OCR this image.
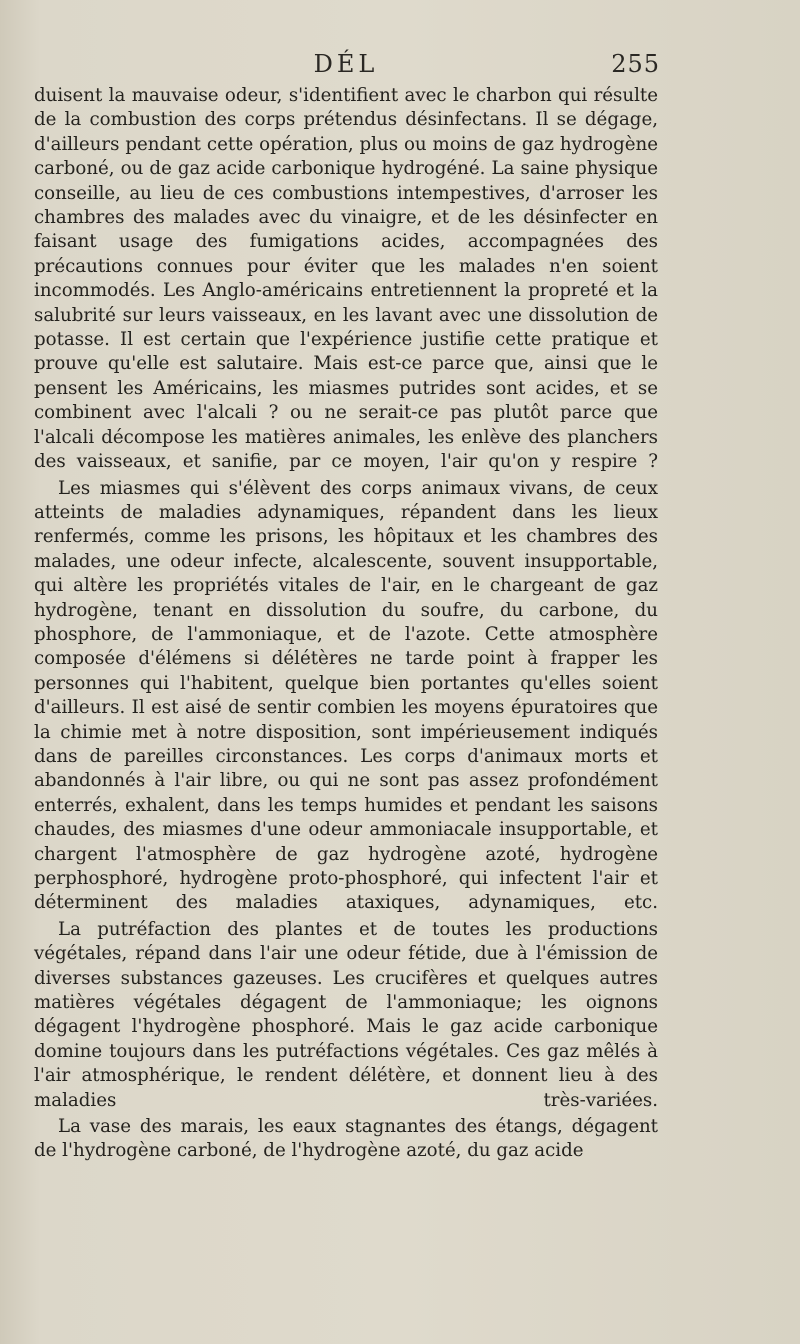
DÉL	255

duisent la mauvaise odeur, s'identifient avec le charbon qui résulte de la combustion des corps prétendus désinfectans. Il se dégage, d'ailleurs pendant cette opération, plus ou moins de gaz hydrogène carboné, ou de gaz acide carbonique hydrogéné. La saine physique conseille, au lieu de ces combustions intempestives, d'arroser les chambres des malades avec du vinaigre, et de les désinfecter en faisant usage des fumigations acides, accompagnées des précautions connues pour éviter que les malades n'en soient incommodés. Les Anglo-américains entretiennent la propreté et la salubrité sur leurs vaisseaux, en les lavant avec une dissolution de potasse. Il est certain que l'expérience justifie cette pratique et prouve qu'elle est salutaire. Mais est-ce parce que, ainsi que le pensent les Américains, les miasmes putrides sont acides, et se combinent avec l'alcali ? ou ne serait-ce pas plutôt parce que l'alcali décompose les matières animales, les enlève des planchers des vaisseaux, et sanifie, par ce moyen, l'air qu'on y respire ?

Les miasmes qui s'élèvent des corps animaux vivans, de ceux atteints de maladies adynamiques, répandent dans les lieux renfermés, comme les prisons, les hôpitaux et les chambres des malades, une odeur infecte, alcalescente, souvent insupportable, qui altère les propriétés vitales de l'air, en le chargeant de gaz hydrogène, tenant en dissolution du soufre, du carbone, du phosphore, de l'ammoniaque, et de l'azote. Cette atmosphère composée d'élémens si délétères ne tarde point à frapper les personnes qui l'habitent, quelque bien portantes qu'elles soient d'ailleurs. Il est aisé de sentir combien les moyens épuratoires que la chimie met à notre disposition, sont impérieusement indiqués dans de pareilles circonstances. Les corps d'animaux morts et abandonnés à l'air libre, ou qui ne sont pas assez profondément enterrés, exhalent, dans les temps humides et pendant les saisons chaudes, des miasmes d'une odeur ammoniacale insupportable, et chargent l'atmosphère de gaz hydrogène azoté, hydrogène perphosphoré, hydrogène proto-phosphoré, qui infectent l'air et déterminent des maladies ataxiques, adynamiques, etc.

La putréfaction des plantes et de toutes les productions végétales, répand dans l'air une odeur fétide, due à l'émission de diverses substances gazeuses. Les crucifères et quelques autres matières végétales dégagent de l'ammoniaque; les oignons dégagent l'hydrogène phosphoré. Mais le gaz acide carbonique domine toujours dans les putréfactions végétales. Ces gaz mêlés à l'air atmosphérique, le rendent délétère, et donnent lieu à des maladies très-variées.

La vase des marais, les eaux stagnantes des étangs, dégagent de l'hydrogène carboné, de l'hydrogène azoté, du gaz acide
